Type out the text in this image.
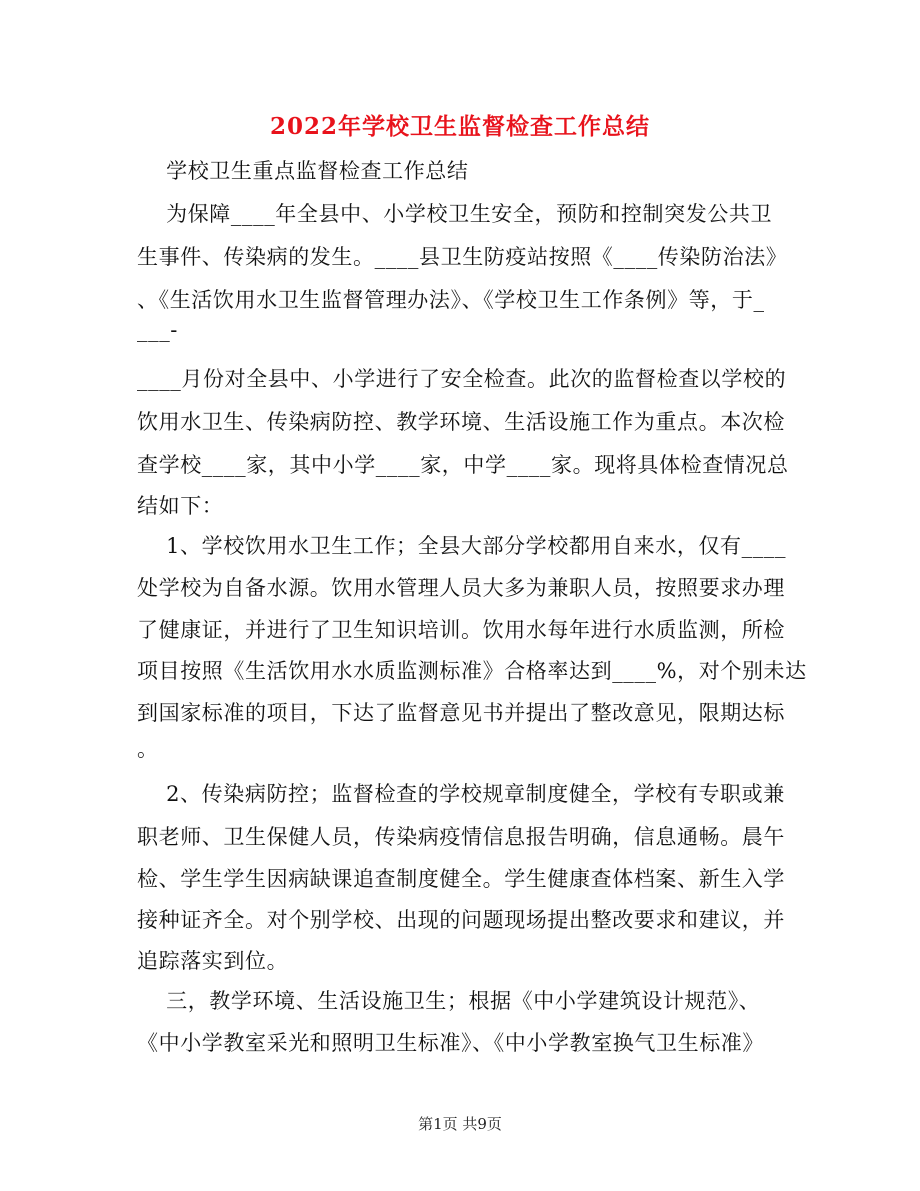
2022年学校卫生监督检查工作总结
学校卫生重点监督检查工作总结
为保障____年全县中、小学校卫生安全，预防和控制突发公共卫
生事件、传染病的发生。____县卫生防疫站按照《____传染防治法》
、《生活饮用水卫生监督管理办法》、《学校卫生工作条例》等，于_
___-
____月份对全县中、小学进行了安全检查。此次的监督检查以学校的
饮用水卫生、传染病防控、教学环境、生活设施工作为重点。本次检
查学校____家，其中小学____家，中学____家。现将具体检查情况总
结如下：
1、学校饮用水卫生工作；全县大部分学校都用自来水，仅有____
处学校为自备水源。饮用水管理人员大多为兼职人员，按照要求办理
了健康证，并进行了卫生知识培训。饮用水每年进行水质监测，所检
项目按照《生活饮用水水质监测标准》合格率达到____%，对个别未达
到国家标准的项目，下达了监督意见书并提出了整改意见，限期达标
。
2、传染病防控；监督检查的学校规章制度健全，学校有专职或兼
职老师、卫生保健人员，传染病疫情信息报告明确，信息通畅。晨午
检、学生学生因病缺课追查制度健全。学生健康查体档案、新生入学
接种证齐全。对个别学校、出现的问题现场提出整改要求和建议，并
追踪落实到位。
三，教学环境、生活设施卫生；根据《中小学建筑设计规范》、
《中小学教室采光和照明卫生标准》、《中小学教室换气卫生标准》
第1页 共9页
